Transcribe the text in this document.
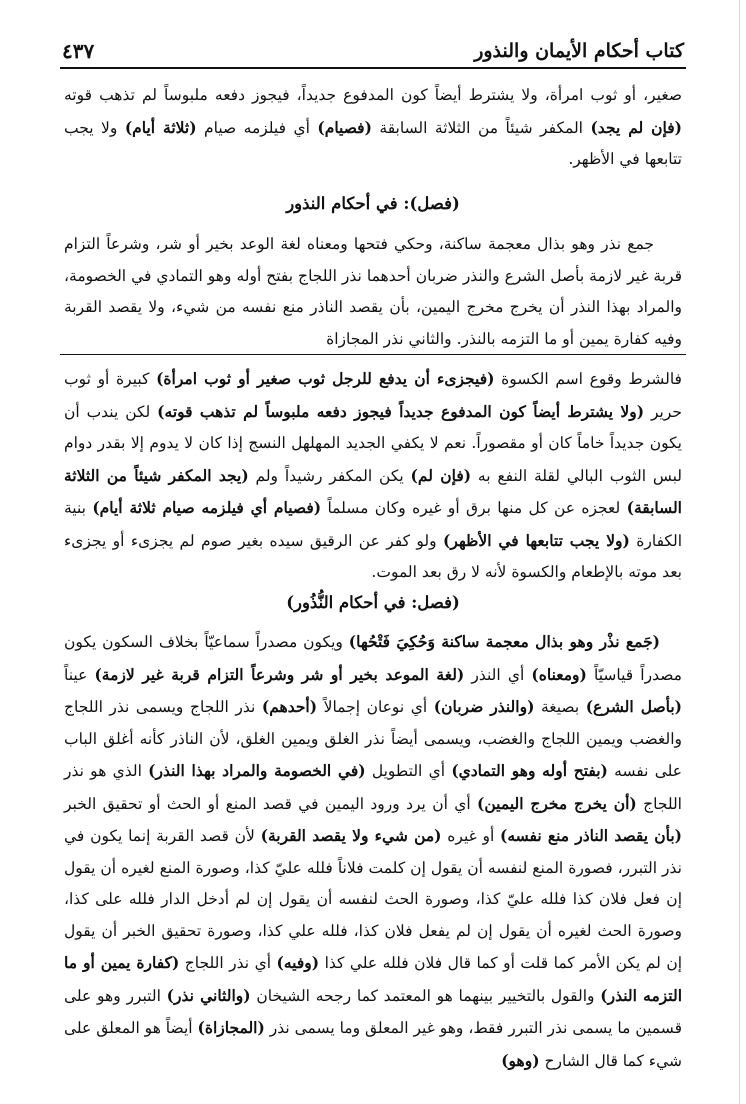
كتاب أحكام الأيمان والنذور
٤٣٧

صغير، أو ثوب امرأة، ولا يشترط أيضاً كون المدفوع جديداً، فيجوز دفعه ملبوساً لم تذهب قوته (فإن لم يجد) المكفر شيئاً من الثلاثة السابقة (فصيام) أي فيلزمه صيام (ثلاثة أيام) ولا يجب تتابعها في الأظهر.

(فصل): في أحكام النذور

جمع نذر وهو بذال معجمة ساكنة، وحكي فتحها ومعناه لغة الوعد بخير أو شر، وشرعاً التزام قربة غير لازمة بأصل الشرع والنذر ضربان أحدهما نذر اللجاج بفتح أوله وهو التمادي في الخصومة، والمراد بهذا النذر أن يخرج مخرج اليمين، بأن يقصد الناذر منع نفسه من شيء، ولا يقصد القربة وفيه كفارة يمين أو ما التزمه بالنذر. والثاني نذر المجازاة

فالشرط وقوع اسم الكسوة (فيجزىء أن يدفع للرجل ثوب صغير أو ثوب امرأة) كبيرة أو ثوب حرير (ولا يشترط أيضاً كون المدفوع جديداً فيجوز دفعه ملبوساً لم تذهب قوته) لكن يندب أن يكون جديداً خاماً كان أو مقصوراً. نعم لا يكفي الجديد المهلهل النسج إذا كان لا يدوم إلا بقدر دوام لبس الثوب البالي لقلة النفع به (فإن لم) يكن المكفر رشيداً ولم (يجد المكفر شيئاً من الثلاثة السابقة) لعجزه عن كل منها برق أو غيره وكان مسلماً (فصيام أي فيلزمه صيام ثلاثة أيام) بنية الكفارة (ولا يجب تتابعها في الأظهر) ولو كفر عن الرقيق سيده بغير صوم لم يجزىء أو يجزىء بعد موته بالإطعام والكسوة لأنه لا رق بعد الموت.

(فصل: في أحكام النُّذُور)

(جَمع نذْر وهو بذال معجمة ساكنة وَحُكِيَ فَتْحُها) ويكون مصدراً سماعيّاً بخلاف السكون يكون مصدراً قياسيّاً (ومعناه) أي النذر (لغة الموعد بخير أو شر وشرعاً التزام قربة غير لازمة) عيناً (بأصل الشرع) بصيغة (والنذر ضربان) أي نوعان إجمالاً (أحدهم) نذر اللجاج ويسمى نذر اللجاج والغضب ويمين اللجاج والغضب، ويسمى أيضاً نذر الغلق ويمين الغلق، لأن الناذر كأنه أغلق الباب على نفسه (بفتح أوله وهو التمادي) أي التطويل (في الخصومة والمراد بهذا النذر) الذي هو نذر اللجاج (أن يخرج مخرج اليمين) أي أن يرد ورود اليمين في قصد المنع أو الحث أو تحقيق الخبر (بأن يقصد الناذر منع نفسه) أو غيره (من شيء ولا يقصد القربة) لأن قصد القربة إنما يكون في نذر التبرر، فصورة المنع لنفسه أن يقول إن كلمت فلاناً فلله عليّ كذا، وصورة المنع لغيره أن يقول إن فعل فلان كذا فلله عليّ كذا، وصورة الحث لنفسه أن يقول إن لم أدخل الدار فلله على كذا، وصورة الحث لغيره أن يقول إن لم يفعل فلان كذا، فلله علي كذا، وصورة تحقيق الخبر أن يقول إن لم يكن الأمر كما قلت أو كما قال فلان فلله علي كذا (وفيه) أي نذر اللجاج (كفارة يمين أو ما التزمه النذر) والقول بالتخيير بينهما هو المعتمد كما رجحه الشيخان (والثاني نذر) التبرر وهو على قسمين ما يسمى نذر التبرر فقط، وهو غير المعلق وما يسمى نذر (المجازاة) أيضاً هو المعلق على شيء كما قال الشارح (وهو)
